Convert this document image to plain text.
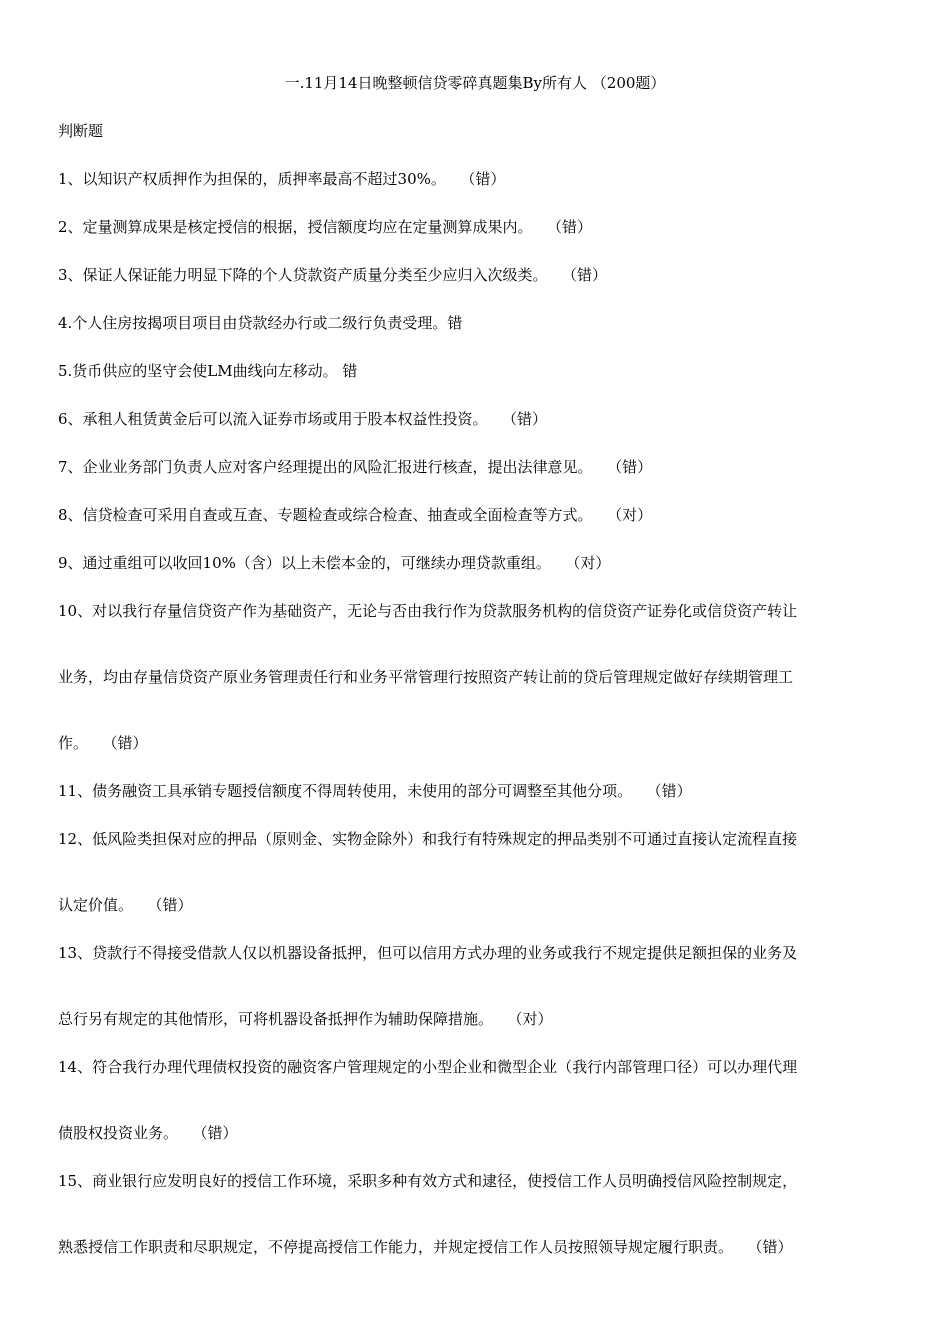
一.11月14日晚整顿信贷零碎真题集By所有人 （200题）
判断题
1、以知识产权质押作为担保的，质押率最高不超过30%。 （错）
2、定量测算成果是核定授信的根据，授信额度均应在定量测算成果内。 （错）
3、保证人保证能力明显下降的个人贷款资产质量分类至少应归入次级类。 （错）
4.个人住房按揭项目项目由贷款经办行或二级行负责受理。错
5.货币供应的坚守会使LM曲线向左移动。 错
6、承租人租赁黄金后可以流入证券市场或用于股本权益性投资。 （错）
7、企业业务部门负责人应对客户经理提出的风险汇报进行核查，提出法律意见。 （错）
8、信贷检查可采用自查或互查、专题检查或综合检查、抽查或全面检查等方式。 （对）
9、通过重组可以收回10%（含）以上未偿本金的，可继续办理贷款重组。 （对）
10、对以我行存量信贷资产作为基础资产，无论与否由我行作为贷款服务机构的信贷资产证券化或信贷资产转让
业务，均由存量信贷资产原业务管理责任行和业务平常管理行按照资产转让前的贷后管理规定做好存续期管理工
作。 （错）
11、债务融资工具承销专题授信额度不得周转使用，未使用的部分可调整至其他分项。 （错）
12、低风险类担保对应的押品（原则金、实物金除外）和我行有特殊规定的押品类别不可通过直接认定流程直接
认定价值。 （错）
13、贷款行不得接受借款人仅以机器设备抵押，但可以信用方式办理的业务或我行不规定提供足额担保的业务及
总行另有规定的其他情形，可将机器设备抵押作为辅助保障措施。 （对）
14、符合我行办理代理债权投资的融资客户管理规定的小型企业和微型企业（我行内部管理口径）可以办理代理
债股权投资业务。 （错）
15、商业银行应发明良好的授信工作环境，采职多种有效方式和逮径，使授信工作人员明确授信风险控制规定，
熟悉授信工作职责和尽职规定，不停提高授信工作能力，并规定授信工作人员按照领导规定履行职责。 （错）
